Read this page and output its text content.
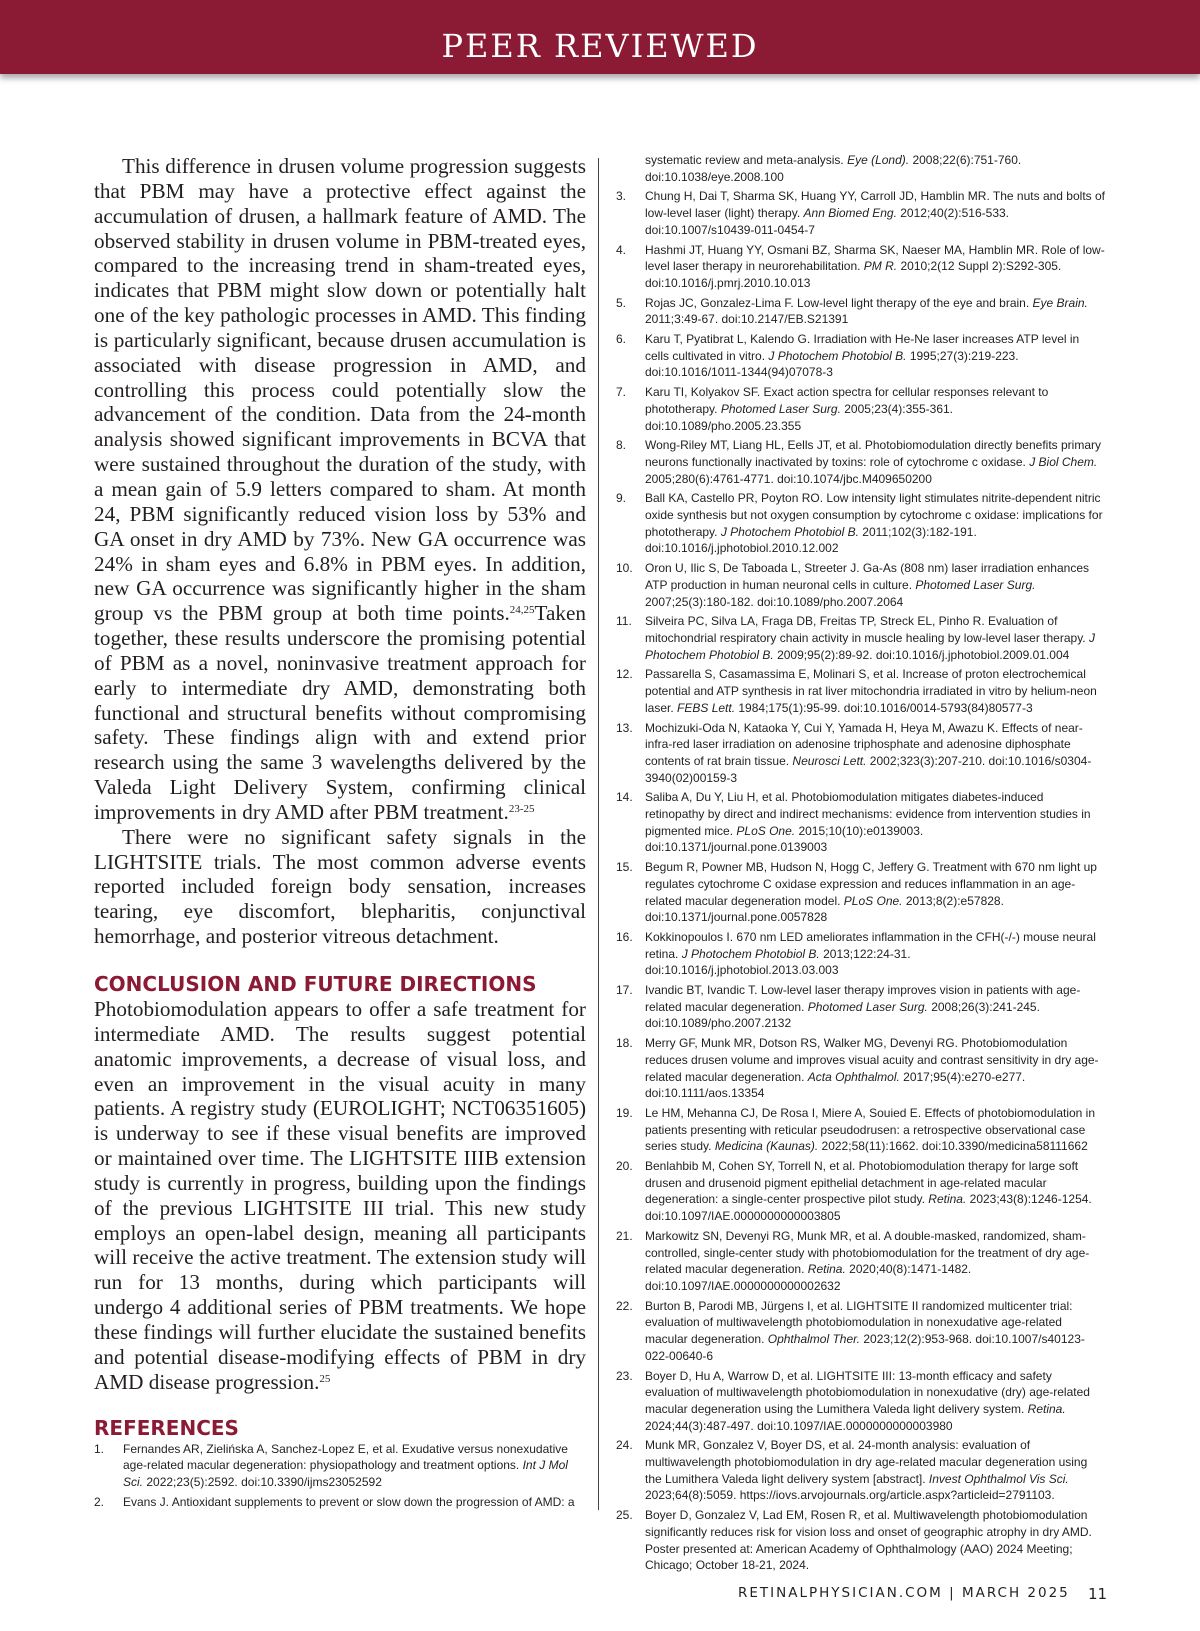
PEER REVIEWED

This difference in drusen volume progression suggests that PBM may have a protective effect against the accumulation of drusen, a hallmark feature of AMD. The observed stability in drusen volume in PBM-treated eyes, compared to the increasing trend in sham-treated eyes, indicates that PBM might slow down or potentially halt one of the key pathologic processes in AMD. This finding is particularly significant, because drusen accumulation is associated with disease progression in AMD, and controlling this process could potentially slow the advancement of the condition. Data from the 24-month analysis showed significant improvements in BCVA that were sustained throughout the duration of the study, with a mean gain of 5.9 letters compared to sham. At month 24, PBM significantly reduced vision loss by 53% and GA onset in dry AMD by 73%. New GA occurrence was 24% in sham eyes and 6.8% in PBM eyes. In addition, new GA occurrence was significantly higher in the sham group vs the PBM group at both time points.$^{24,25}$Taken together, these results underscore the promising potential of PBM as a novel, noninvasive treatment approach for early to intermediate dry AMD, demonstrating both functional and structural benefits without compromising safety. These findings align with and extend prior research using the same 3 wavelengths delivered by the Valeda Light Delivery System, confirming clinical improvements in dry AMD after PBM treatment.$^{23-25}$

There were no significant safety signals in the LIGHTSITE trials. The most common adverse events reported included foreign body sensation, increases tearing, eye discomfort, blepharitis, conjunctival hemorrhage, and posterior vitreous detachment.

CONCLUSION AND FUTURE DIRECTIONS

Photobiomodulation appears to offer a safe treatment for intermediate AMD. The results suggest potential anatomic improvements, a decrease of visual loss, and even an improvement in the visual acuity in many patients. A registry study (EUROLIGHT; NCT06351605) is underway to see if these visual benefits are improved or maintained over time. The LIGHTSITE IIIB extension study is currently in progress, building upon the findings of the previous LIGHTSITE III trial. This new study employs an open-label design, meaning all participants will receive the active treatment. The extension study will run for 13 months, during which participants will undergo 4 additional series of PBM treatments. We hope these findings will further elucidate the sustained benefits and potential disease-modifying effects of PBM in dry AMD disease progression.$^{25}$

REFERENCES
1. Fernandes AR, Zielińska A, Sanchez-Lopez E, et al. Exudative versus nonexudative age-related macular degeneration: physiopathology and treatment options. Int J Mol Sci. 2022;23(5):2592. doi:10.3390/ijms23052592
2. Evans J. Antioxidant supplements to prevent or slow down the progression of AMD: a
systematic review and meta-analysis. Eye (Lond). 2008;22(6):751-760. doi:10.1038/eye.2008.100
3. Chung H, Dai T, Sharma SK, Huang YY, Carroll JD, Hamblin MR. The nuts and bolts of low-level laser (light) therapy. Ann Biomed Eng. 2012;40(2):516-533. doi:10.1007/s10439-011-0454-7
4. Hashmi JT, Huang YY, Osmani BZ, Sharma SK, Naeser MA, Hamblin MR. Role of low-level laser therapy in neurorehabilitation. PM R. 2010;2(12 Suppl 2):S292-305. doi:10.1016/j.pmrj.2010.10.013
5. Rojas JC, Gonzalez-Lima F. Low-level light therapy of the eye and brain. Eye Brain. 2011;3:49-67. doi:10.2147/EB.S21391
6. Karu T, Pyatibrat L, Kalendo G. Irradiation with He-Ne laser increases ATP level in cells cultivated in vitro. J Photochem Photobiol B. 1995;27(3):219-223. doi:10.1016/1011-1344(94)07078-3
7. Karu TI, Kolyakov SF. Exact action spectra for cellular responses relevant to phototherapy. Photomed Laser Surg. 2005;23(4):355-361. doi:10.1089/pho.2005.23.355
8. Wong-Riley MT, Liang HL, Eells JT, et al. Photobiomodulation directly benefits primary neurons functionally inactivated by toxins: role of cytochrome c oxidase. J Biol Chem. 2005;280(6):4761-4771. doi:10.1074/jbc.M409650200
9. Ball KA, Castello PR, Poyton RO. Low intensity light stimulates nitrite-dependent nitric oxide synthesis but not oxygen consumption by cytochrome c oxidase: implications for phototherapy. J Photochem Photobiol B. 2011;102(3):182-191. doi:10.1016/j.jphotobiol.2010.12.002
10. Oron U, Ilic S, De Taboada L, Streeter J. Ga-As (808 nm) laser irradiation enhances ATP production in human neuronal cells in culture. Photomed Laser Surg. 2007;25(3):180-182. doi:10.1089/pho.2007.2064
11. Silveira PC, Silva LA, Fraga DB, Freitas TP, Streck EL, Pinho R. Evaluation of mitochondrial respiratory chain activity in muscle healing by low-level laser therapy. J Photochem Photobiol B. 2009;95(2):89-92. doi:10.1016/j.jphotobiol.2009.01.004
12. Passarella S, Casamassima E, Molinari S, et al. Increase of proton electrochemical potential and ATP synthesis in rat liver mitochondria irradiated in vitro by helium-neon laser. FEBS Lett. 1984;175(1):95-99. doi:10.1016/0014-5793(84)80577-3
13. Mochizuki-Oda N, Kataoka Y, Cui Y, Yamada H, Heya M, Awazu K. Effects of near-infra-red laser irradiation on adenosine triphosphate and adenosine diphosphate contents of rat brain tissue. Neurosci Lett. 2002;323(3):207-210. doi:10.1016/s0304-3940(02)00159-3
14. Saliba A, Du Y, Liu H, et al. Photobiomodulation mitigates diabetes-induced retinopathy by direct and indirect mechanisms: evidence from intervention studies in pigmented mice. PLoS One. 2015;10(10):e0139003. doi:10.1371/journal.pone.0139003
15. Begum R, Powner MB, Hudson N, Hogg C, Jeffery G. Treatment with 670 nm light up regulates cytochrome C oxidase expression and reduces inflammation in an age-related macular degeneration model. PLoS One. 2013;8(2):e57828. doi:10.1371/journal.pone.0057828
16. Kokkinopoulos I. 670 nm LED ameliorates inflammation in the CFH(-/-) mouse neural retina. J Photochem Photobiol B. 2013;122:24-31. doi:10.1016/j.jphotobiol.2013.03.003
17. Ivandic BT, Ivandic T. Low-level laser therapy improves vision in patients with age-related macular degeneration. Photomed Laser Surg. 2008;26(3):241-245. doi:10.1089/pho.2007.2132
18. Merry GF, Munk MR, Dotson RS, Walker MG, Devenyi RG. Photobiomodulation reduces drusen volume and improves visual acuity and contrast sensitivity in dry age-related macular degeneration. Acta Ophthalmol. 2017;95(4):e270-e277. doi:10.1111/aos.13354
19. Le HM, Mehanna CJ, De Rosa I, Miere A, Souied E. Effects of photobiomodulation in patients presenting with reticular pseudodrusen: a retrospective observational case series study. Medicina (Kaunas). 2022;58(11):1662. doi:10.3390/medicina58111662
20. Benlahbib M, Cohen SY, Torrell N, et al. Photobiomodulation therapy for large soft drusen and drusenoid pigment epithelial detachment in age-related macular degeneration: a single-center prospective pilot study. Retina. 2023;43(8):1246-1254. doi:10.1097/IAE.0000000000003805
21. Markowitz SN, Devenyi RG, Munk MR, et al. A double-masked, randomized, sham-controlled, single-center study with photobiomodulation for the treatment of dry age-related macular degeneration. Retina. 2020;40(8):1471-1482. doi:10.1097/IAE.0000000000002632
22. Burton B, Parodi MB, Jürgens I, et al. LIGHTSITE II randomized multicenter trial: evaluation of multiwavelength photobiomodulation in nonexudative age-related macular degeneration. Ophthalmol Ther. 2023;12(2):953-968. doi:10.1007/s40123-022-00640-6
23. Boyer D, Hu A, Warrow D, et al. LIGHTSITE III: 13-month efficacy and safety evaluation of multiwavelength photobiomodulation in nonexudative (dry) age-related macular degeneration using the Lumithera Valeda light delivery system. Retina. 2024;44(3):487-497. doi:10.1097/IAE.0000000000003980
24. Munk MR, Gonzalez V, Boyer DS, et al. 24-month analysis: evaluation of multiwavelength photobiomodulation in dry age-related macular degeneration using the Lumithera Valeda light delivery system [abstract]. Invest Ophthalmol Vis Sci. 2023;64(8):5059. https://iovs.arvojournals.org/article.aspx?articleid=2791103.
25. Boyer D, Gonzalez V, Lad EM, Rosen R, et al. Multiwavelength photobiomodulation significantly reduces risk for vision loss and onset of geographic atrophy in dry AMD. Poster presented at: American Academy of Ophthalmology (AAO) 2024 Meeting; Chicago; October 18-21, 2024.
RETINALPHYSICIAN.COM | MARCH 2025 11
